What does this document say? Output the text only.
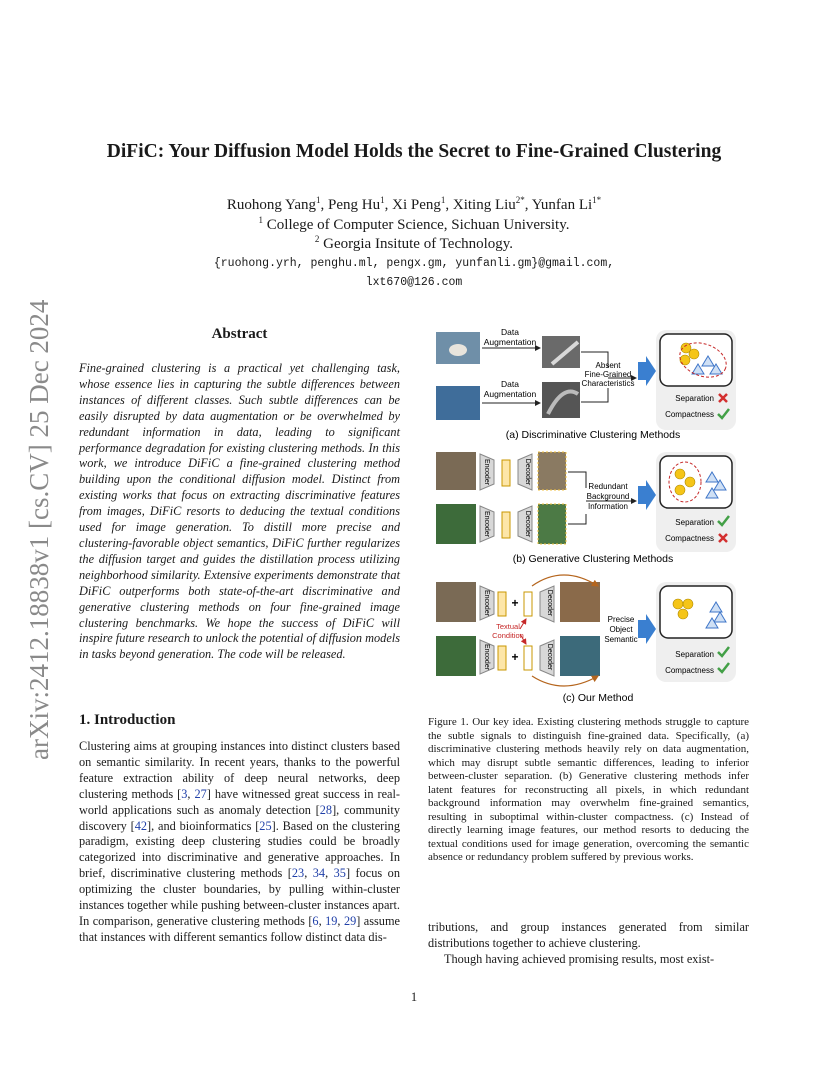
arXiv:2412.18838v1 [cs.CV] 25 Dec 2024
DiFiC: Your Diffusion Model Holds the Secret to Fine-Grained Clustering
Ruohong Yang$^1$, Peng Hu$^1$, Xi Peng$^1$, Xiting Liu$^{2*}$, Yunfan $Li^{1*}$
$^1$ College of Computer Science, Sichuan University.
$^2$ Georgia Insitute of Technology.
{ruohong.yrh, penghu.ml, pengx.gm, yunfanli.gm}@gmail.com,
lxt670@126.com
Abstract
Fine-grained clustering is a practical yet challenging task, whose essence lies in capturing the subtle differences between instances of different classes. Such subtle differences can be easily disrupted by data augmentation or be overwhelmed by redundant information in data, leading to significant performance degradation for existing clustering methods. In this work, we introduce DiFiC a fine-grained clustering method building upon the conditional diffusion model. Distinct from existing works that focus on extracting discriminative features from images, DiFiC resorts to deducing the textual conditions used for image generation. To distill more precise and clustering-favorable object semantics, DiFiC further regularizes the diffusion target and guides the distillation process utilizing neighborhood similarity. Extensive experiments demonstrate that DiFiC outperforms both state-of-the-art discriminative and generative clustering methods on four fine-grained image clustering benchmarks. We hope the success of DiFiC will inspire future research to unlock the potential of diffusion models in tasks beyond generation. The code will be released.
1. Introduction
Clustering aims at grouping instances into distinct clusters based on semantic similarity. In recent years, thanks to the powerful feature extraction ability of deep neural networks, deep clustering methods [3, 27] have witnessed great success in real-world applications such as anomaly detection [28], community discovery [42], and bioinformatics [25]. Based on the clustering paradigm, existing deep clustering studies could be broadly categorized into discriminative and generative approaches. In brief, discriminative clustering methods [23, 34, 35] focus on optimizing the cluster boundaries, by pulling within-cluster instances together while pushing between-cluster instances apart. In comparison, generative clustering methods [6, 19, 29] assume that instances with different semantics follow distinct data dis-
Data
Augmentation
Data
Augmentation
Absent
Fine-Grained
Characteristics
Separation
Compactness
(a) Discriminative Clustering Methods
Encoder
Encoder
Decoder
Decoder
Redundant
Background
Information
Separation
Compactness
(b) Generative Clustering Methods
Encoder
Encoder
+
+
Textual
Condition
Decoder
Decoder
Precise
Object
Semantic
Separation
Compactness
(c) Our Method
Figure 1. Our key idea. Existing clustering methods struggle to capture the subtle signals to distinguish fine-grained data. Specifically, (a) discriminative clustering methods heavily rely on data augmentation, which may disrupt subtle semantic differences, leading to inferior between-cluster separation. (b) Generative clustering methods infer latent features for reconstructing all pixels, in which redundant background information may overwhelm fine-grained semantics, resulting in suboptimal within-cluster compactness. (c) Instead of directly learning image features, our method resorts to deducing the textual conditions used for image generation, overcoming the semantic absence or redundancy problem suffered by previous works.
tributions, and group instances generated from similar distributions together to achieve clustering.
Though having achieved promising results, most exist-
1
